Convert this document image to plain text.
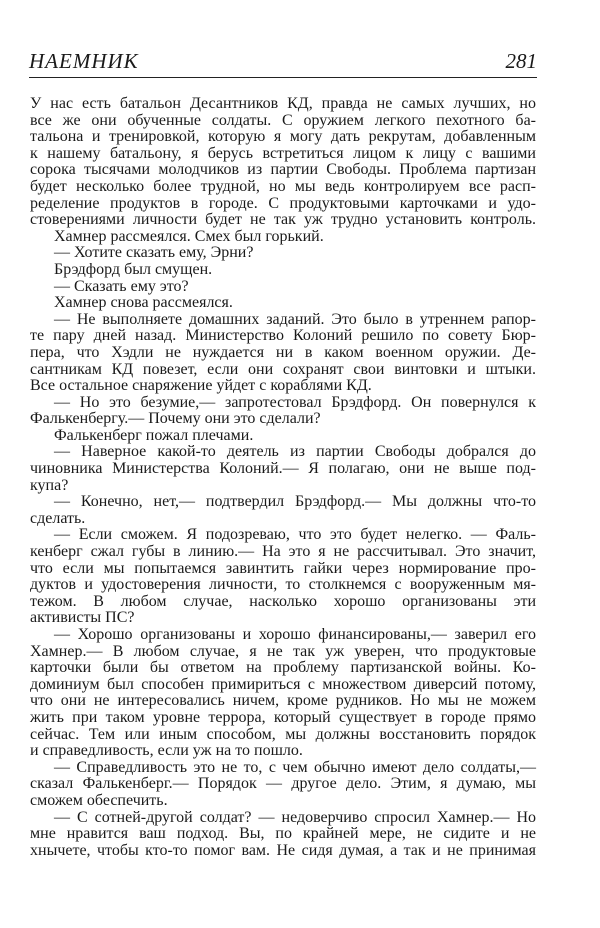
НАЕМНИК	281
У нас есть батальон Десантников КД, правда не самых лучших, но
все же они обученные солдаты. С оружием легкого пехотного ба-
тальона и тренировкой, которую я могу дать рекрутам, добавленным
к нашему батальону, я берусь встретиться лицом к лицу с вашими
сорока тысячами молодчиков из партии Свободы. Проблема партизан
будет несколько более трудной, но мы ведь контролируем все расп-
ределение продуктов в городе. С продуктовыми карточками и удо-
стоверениями личности будет не так уж трудно установить контроль.
Хамнер рассмеялся. Смех был горький.
— Хотите сказать ему, Эрни?
Брэдфорд был смущен.
— Сказать ему это?
Хамнер снова рассмеялся.
— Не выполняете домашних заданий. Это было в утреннем рапор-
те пару дней назад. Министерство Колоний решило по совету Бюр-
пера, что Хэдли не нуждается ни в каком военном оружии. Де-
сантникам КД повезет, если они сохранят свои винтовки и штыки.
Все остальное снаряжение уйдет с кораблями КД.
— Но это безумие,— запротестовал Брэдфорд. Он повернулся к
Фалькенбергу.— Почему они это сделали?
Фалькенберг пожал плечами.
— Наверное какой-то деятель из партии Свободы добрался до
чиновника Министерства Колоний.— Я полагаю, они не выше под-
купа?
— Конечно, нет,— подтвердил Брэдфорд.— Мы должны что-то
сделать.
— Если сможем. Я подозреваю, что это будет нелегко. — Фаль-
кенберг сжал губы в линию.— На это я не рассчитывал. Это значит,
что если мы попытаемся завинтить гайки через нормирование про-
дуктов и удостоверения личности, то столкнемся с вооруженным мя-
тежом. В любом случае, насколько хорошо организованы эти
активисты ПС?
— Хорошо организованы и хорошо финансированы,— заверил его
Хамнер.— В любом случае, я не так уж уверен, что продуктовые
карточки были бы ответом на проблему партизанской войны. Ко-
доминиум был способен примириться с множеством диверсий потому,
что они не интересовались ничем, кроме рудников. Но мы не можем
жить при таком уровне террора, который существует в городе прямо
сейчас. Тем или иным способом, мы должны восстановить порядок
и справедливость, если уж на то пошло.
— Справедливость это не то, с чем обычно имеют дело солдаты,—
сказал Фалькенберг.— Порядок — другое дело. Этим, я думаю, мы
сможем обеспечить.
— С сотней-другой солдат? — недоверчиво спросил Хамнер.— Но
мне нравится ваш подход. Вы, по крайней мере, не сидите и не
хнычете, чтобы кто-то помог вам. Не сидя думая, а так и не принимая
